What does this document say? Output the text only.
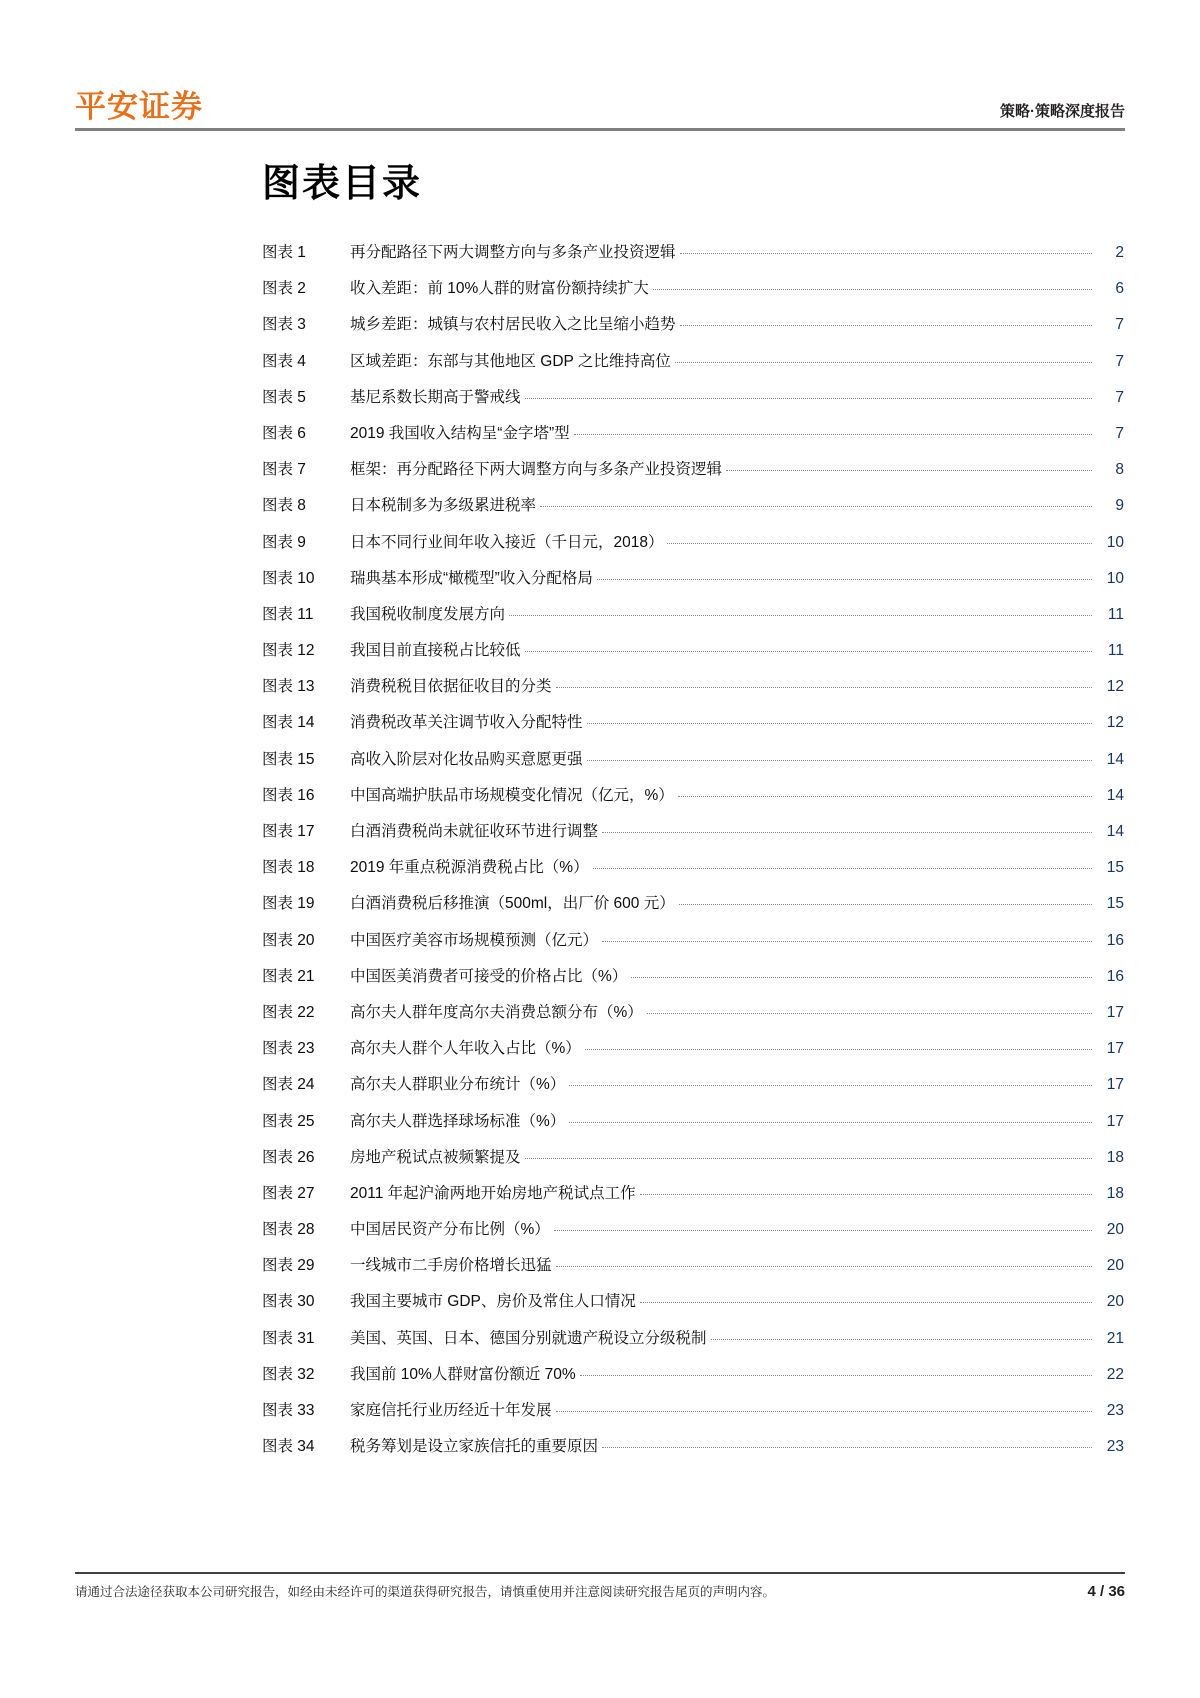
平安证券	策略·策略深度报告
图表目录
图表 1	再分配路径下两大调整方向与多条产业投资逻辑	2
图表 2	收入差距：前 10%人群的财富份额持续扩大	6
图表 3	城乡差距：城镇与农村居民收入之比呈缩小趋势	7
图表 4	区域差距：东部与其他地区 GDP 之比维持高位	7
图表 5	基尼系数长期高于警戒线	7
图表 6	2019 我国收入结构呈“金字塔”型	7
图表 7	框架：再分配路径下两大调整方向与多条产业投资逻辑	8
图表 8	日本税制多为多级累进税率	9
图表 9	日本不同行业间年收入接近（千日元，2018）	10
图表 10	瑞典基本形成“橄榄型”收入分配格局	10
图表 11	我国税收制度发展方向	11
图表 12	我国目前直接税占比较低	11
图表 13	消费税税目依据征收目的分类	12
图表 14	消费税改革关注调节收入分配特性	12
图表 15	高收入阶层对化妆品购买意愿更强	14
图表 16	中国高端护肤品市场规模变化情况（亿元，%）	14
图表 17	白酒消费税尚未就征收环节进行调整	14
图表 18	2019 年重点税源消费税占比（%）	15
图表 19	白酒消费税后移推演（500ml，出厂价 600 元）	15
图表 20	中国医疗美容市场规模预测（亿元）	16
图表 21	中国医美消费者可接受的价格占比（%）	16
图表 22	高尔夫人群年度高尔夫消费总额分布（%）	17
图表 23	高尔夫人群个人年收入占比（%）	17
图表 24	高尔夫人群职业分布统计（%）	17
图表 25	高尔夫人群选择球场标准（%）	17
图表 26	房地产税试点被频繁提及	18
图表 27	2011 年起沪渝两地开始房地产税试点工作	18
图表 28	中国居民资产分布比例（%）	20
图表 29	一线城市二手房价格增长迅猛	20
图表 30	我国主要城市 GDP、房价及常住人口情况	20
图表 31	美国、英国、日本、德国分别就遗产税设立分级税制	21
图表 32	我国前 10%人群财富份额近 70%	22
图表 33	家庭信托行业历经近十年发展	23
图表 34	税务筹划是设立家族信托的重要原因	23
请通过合法途径获取本公司研究报告，如经由未经许可的渠道获得研究报告，请慎重使用并注意阅读研究报告尾页的声明内容。	4 / 36
